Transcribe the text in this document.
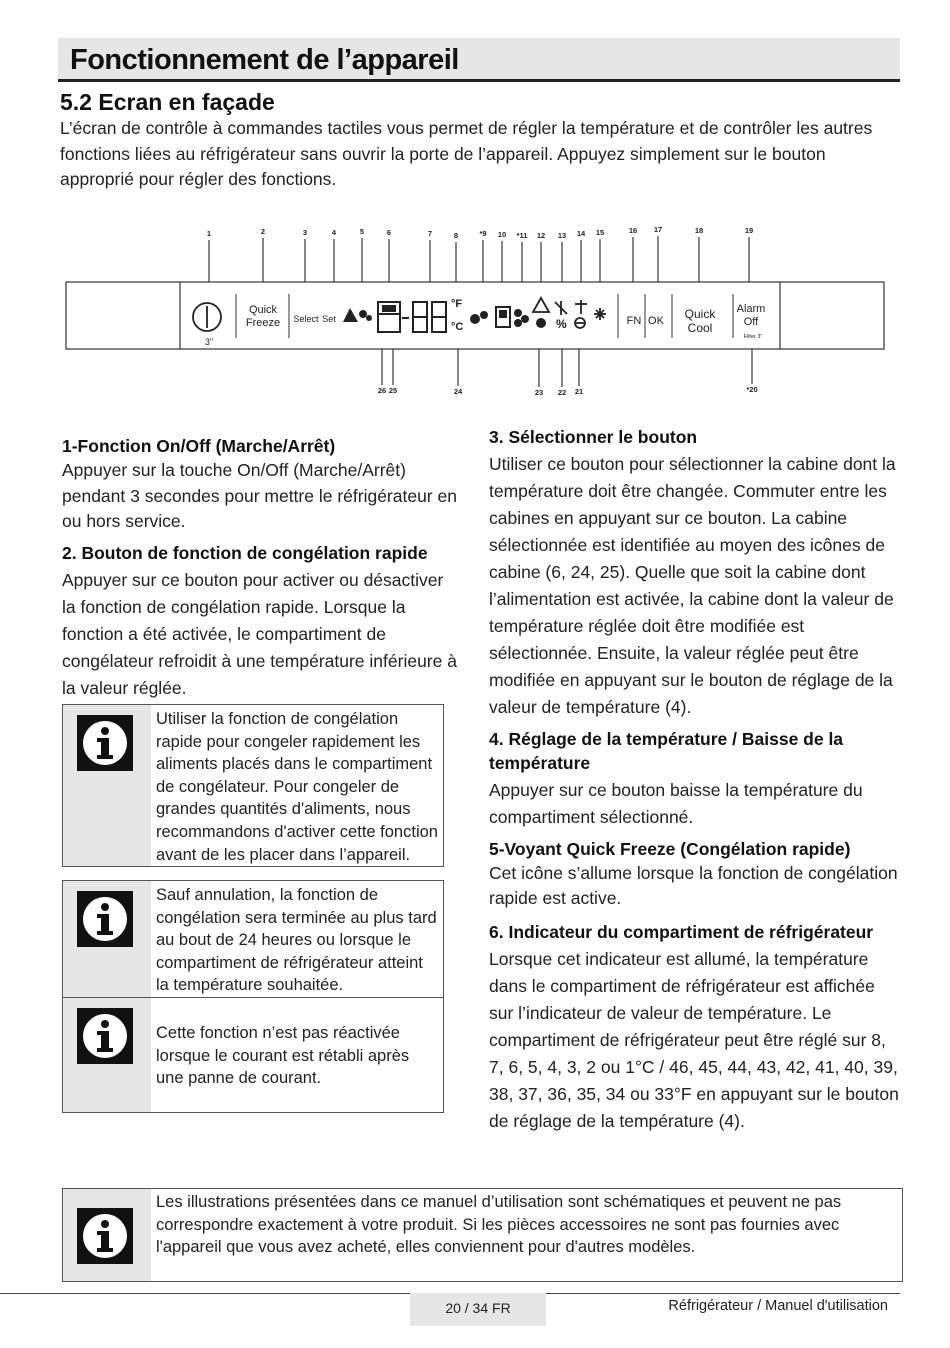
Fonctionnement de l’appareil
5.2 Ecran en façade
L’écran de contrôle à commandes tactiles vous permet de régler la température et de contrôler les autres fonctions liées au réfrigérateur sans ouvrir la porte de l’appareil. Appuyez simplement sur le bouton approprié pour régler des fonctions.
1	2	3	4	5	6	7	8	*9 10 *11 12 13 14 15	16 17	18	19
26 25	24	23 22 21	*20
3"
Quick
Freeze Select Set	FN OK Quick
Cool
Alarm
Off
Filter 3"
°F
°C	%
1-Fonction On/Off (Marche/Arrêt)

Appuyer sur la touche On/Off (Marche/Arrêt) pendant 3 secondes pour mettre le réfrigérateur en ou hors service.

2. Bouton de fonction de congélation rapide

Appuyer sur ce bouton pour activer ou désactiver la fonction de congélation rapide. Lorsque la fonction a été activée, le compartiment de congélateur refroidit à une température inférieure à la valeur réglée.

Utiliser la fonction de congélation rapide pour congeler rapidement les aliments placés dans le compartiment de congélateur. Pour congeler de grandes quantités d'aliments, nous recommandons d'activer cette fonction avant de les placer dans l’appareil.
Sauf annulation, la fonction de congélation sera terminée au plus tard au bout de 24 heures ou lorsque le compartiment de réfrigérateur atteint la température souhaitée.
Cette fonction n’est pas réactivée lorsque le courant est rétabli après une panne de courant.
3. Sélectionner le bouton

Utiliser ce bouton pour sélectionner la cabine dont la température doit être changée. Commuter entre les cabines en appuyant sur ce bouton. La cabine sélectionnée est identifiée au moyen des icônes de cabine (6, 24, 25). Quelle que soit la cabine dont l’alimentation est activée, la cabine dont la valeur de température réglée doit être modifiée est sélectionnée. Ensuite, la valeur réglée peut être modifiée en appuyant sur le bouton de réglage de la valeur de température (4).

4. Réglage de la température / Baisse de la température

Appuyer sur ce bouton baisse la température du compartiment sélectionné.

5-Voyant Quick Freeze (Congélation rapide)

Cet icône s’allume lorsque la fonction de congélation rapide est active.

6. Indicateur du compartiment de réfrigérateur

Lorsque cet indicateur est allumé, la température dans le compartiment de réfrigérateur est affichée sur l’indicateur de valeur de température. Le compartiment de réfrigérateur peut être réglé sur 8, 7, 6, 5, 4, 3, 2 ou 1°C / 46, 45, 44, 43, 42, 41, 40, 39, 38, 37, 36, 35, 34 ou 33°F en appuyant sur le bouton de réglage de la température (4).

Les illustrations présentées dans ce manuel d’utilisation sont schématiques et peuvent ne pas correspondre exactement à votre produit. Si les pièces accessoires ne sont pas fournies avec l'appareil que vous avez acheté, elles conviennent pour d'autres modèles.
20 / 34 FR	Réfrigérateur / Manuel d'utilisation
